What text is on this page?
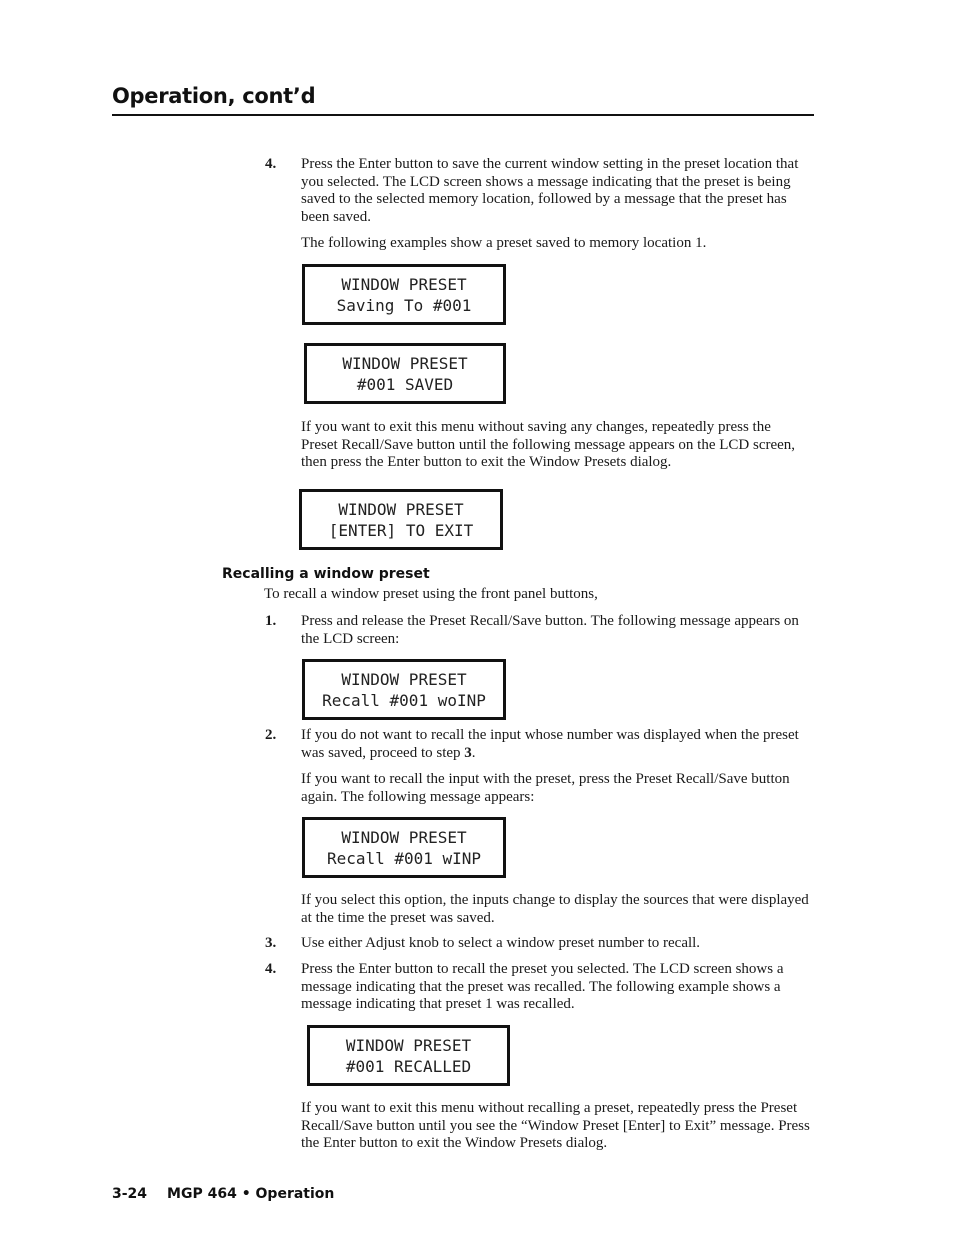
Operation, cont’d
4. Press the Enter button to save the current window setting in the preset location that you selected. The LCD screen shows a message indicating that the preset is being saved to the selected memory location, followed by a message that the preset has been saved.

The following examples show a preset saved to memory location 1.

WINDOW PRESET
Saving To #001
WINDOW PRESET
#001 SAVED

If you want to exit this menu without saving any changes, repeatedly press the Preset Recall/Save button until the following message appears on the LCD screen, then press the Enter button to exit the Window Presets dialog.

WINDOW PRESET
[ENTER] TO EXIT
Recalling a window preset
To recall a window preset using the front panel buttons,
1. Press and release the Preset Recall/Save button. The following message appears on the LCD screen:

WINDOW PRESET
Recall #001 woINP
2. If you do not want to recall the input whose number was displayed when the preset was saved, proceed to step 3.

If you want to recall the input with the preset, press the Preset Recall/Save button again. The following message appears:

WINDOW PRESET
Recall #001 wINP

If you select this option, the inputs change to display the sources that were displayed at the time the preset was saved.

3. Use either Adjust knob to select a window preset number to recall.

4. Press the Enter button to recall the preset you selected. The LCD screen shows a message indicating that the preset was recalled. The following example shows a message indicating that preset 1 was recalled.

WINDOW PRESET
#001 RECALLED

If you want to exit this menu without recalling a preset, repeatedly press the Preset Recall/Save button until you see the “Window Preset [Enter] to Exit” message. Press the Enter button to exit the Window Presets dialog.

3-24 MGP 464 • Operation
